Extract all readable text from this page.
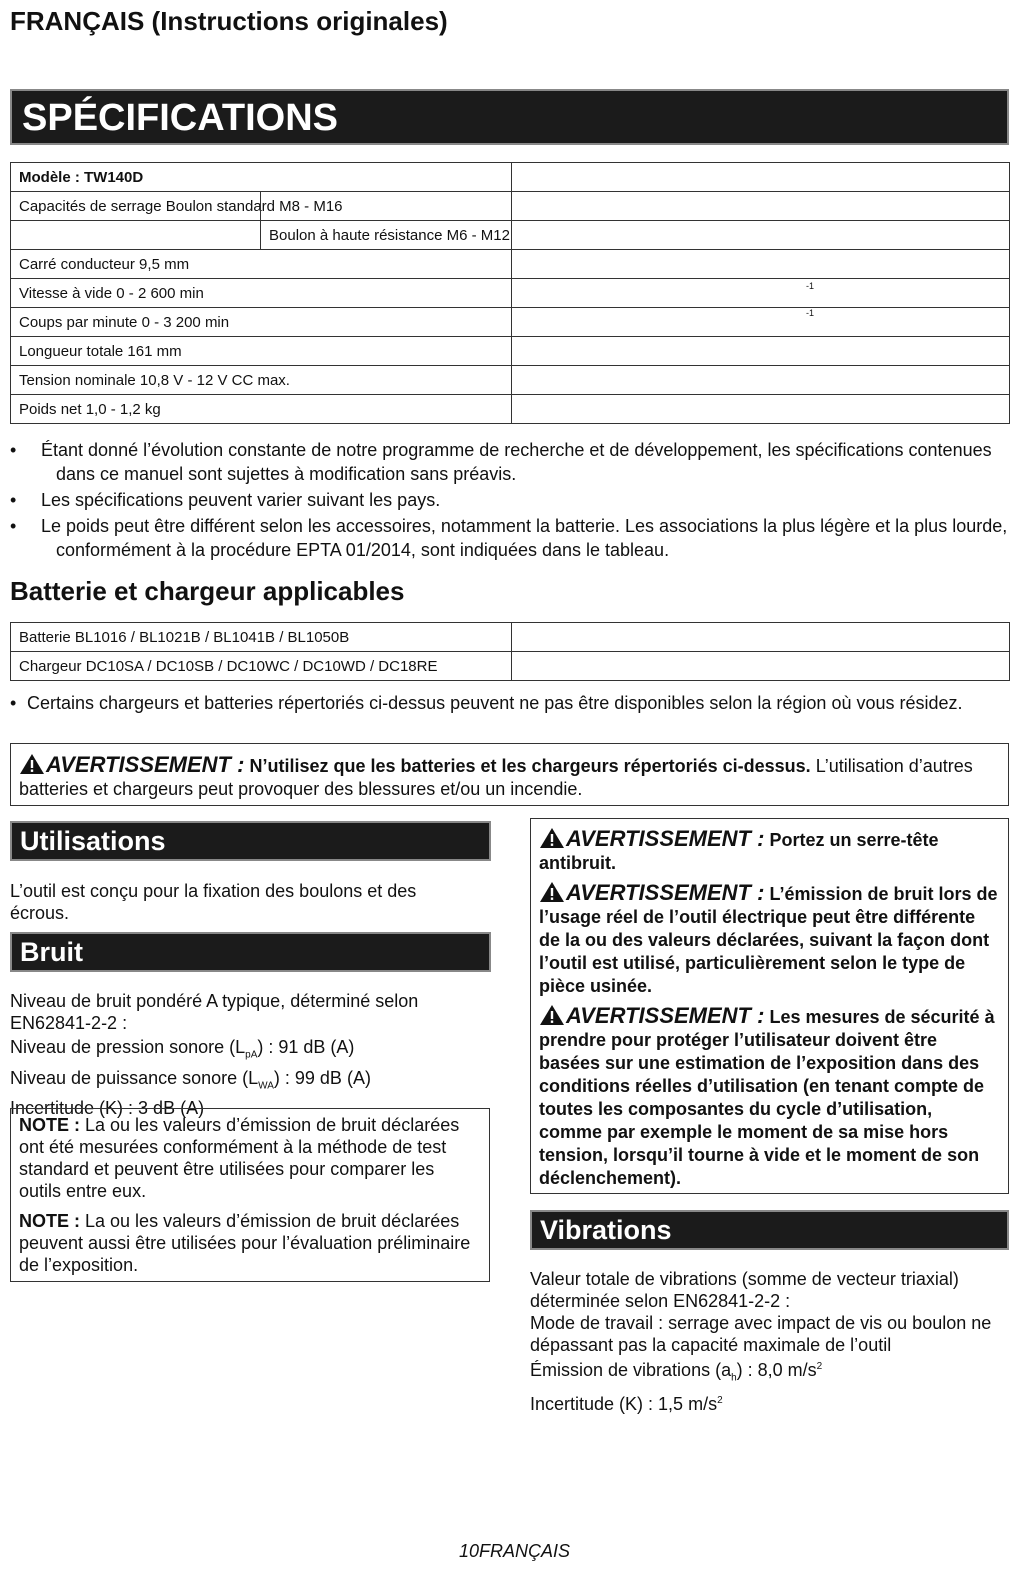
FRANÇAIS (Instructions originales)
SPÉCIFICATIONS
Modèle : TW140D	
Capacités de serrage Boulon standard M8 - M16

Boulon à haute résistance M6 - M12	
Carré conducteur 9,5 mm	
Vitesse à vide 0 - 2 600 min	-1

Coups par minute 0 - 3 200 min	-1

Longueur totale 161 mm	
Tension nominale 10,8 V - 12 V CC max.	
Poids net 1,0 - 1,2 kg	
• Étant donné l’évolution constante de notre programme de recherche et de développement, les spécifications contenues dans ce manuel sont sujettes à modification sans préavis.
• Les spécifications peuvent varier suivant les pays.
• Le poids peut être différent selon les accessoires, notamment la batterie. Les associations la plus légère et la plus lourde, conformément à la procédure EPTA 01/2014, sont indiquées dans le tableau.
Batterie et chargeur applicables
Batterie BL1016 / BL1021B / BL1041B / BL1050B	
Chargeur DC10SA / DC10SB / DC10WC / DC10WD / DC18RE	
• Certains chargeurs et batteries répertoriés ci-dessus peuvent ne pas être disponibles selon la région où vous résidez.
AVERTISSEMENT : N’utilisez que les batteries et les chargeurs répertoriés ci-dessus. L’utilisation d’autres batteries et chargeurs peut provoquer des blessures et/ou un incendie.
Utilisations
L’outil est conçu pour la fixation des boulons et des écrous.
Bruit
Niveau de bruit pondéré A typique, déterminé selon EN62841-2-2 :
Niveau de pression sonore $(L_{pA})$ : 91 dB (A)
Niveau de puissance sonore $(L_{WA})$ : 99 dB (A)
Incertitude (K) : 3 dB (A)

NOTE : La ou les valeurs d’émission de bruit déclarées ont été mesurées conformément à la méthode de test standard et peuvent être utilisées pour comparer les outils entre eux.

NOTE : La ou les valeurs d’émission de bruit déclarées peuvent aussi être utilisées pour l’évaluation préliminaire de l’exposition.

AVERTISSEMENT : Portez un serre-tête antibruit.

AVERTISSEMENT : L’émission de bruit lors de l’usage réel de l’outil électrique peut être différente de la ou des valeurs déclarées, suivant la façon dont l’outil est utilisé, particulièrement selon le type de pièce usinée.

AVERTISSEMENT : Les mesures de sécurité à prendre pour protéger l’utilisateur doivent être basées sur une estimation de l’exposition dans des conditions réelles d’utilisation (en tenant compte de toutes les composantes du cycle d’utilisation, comme par exemple le moment de sa mise hors tension, lorsqu’il tourne à vide et le moment de son déclenchement).

Vibrations
Valeur totale de vibrations (somme de vecteur triaxial) déterminée selon EN62841-2-2 :
Mode de travail : serrage avec impact de vis ou boulon ne dépassant pas la capacité maximale de l’outil
Émission de vibrations $(a_h)$ : 8,0 $m/s^2$
Incertitude (K) : 1,5 $m/s^2$
10FRANÇAIS
